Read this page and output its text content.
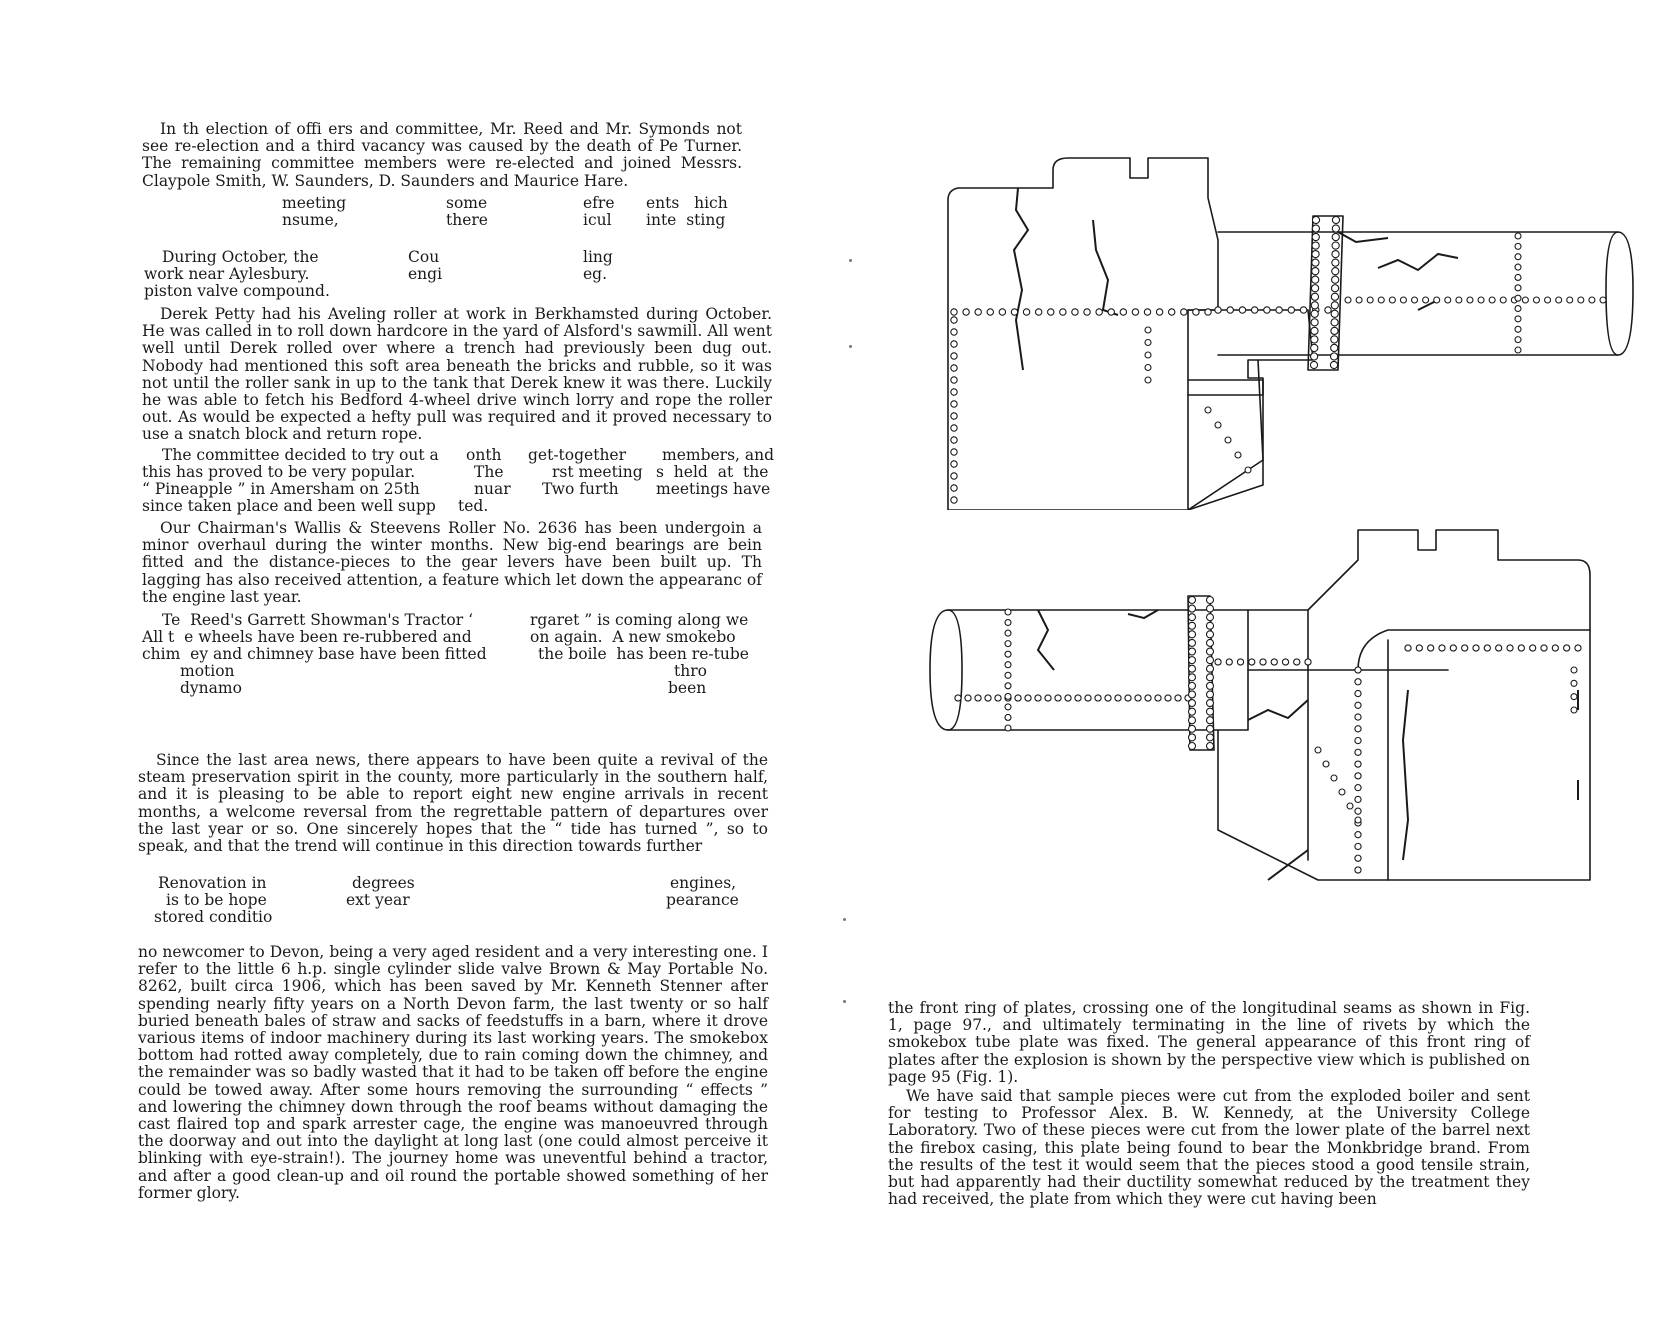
In th election of offi ers and committee, Mr. Reed and Mr. Symonds not see re-election and a third vacancy was caused by the death of Pe Turner. The remaining committee members were re-elected and joined Messrs. Claypole Smith, W. Saunders, D. Saunders and Maurice Hare.

meeting
nsume,
some
there
efre
icul
ents   hich
inte  sting
During October, the
work near Aylesbury.
piston valve compound.
Cou
engi
ling
eg.

Derek Petty had his Aveling roller at work in Berkhamsted during October. He was called in to roll down hardcore in the yard of Alsford's sawmill. All went well until Derek rolled over where a trench had previously been dug out. Nobody had mentioned this soft area beneath the bricks and rubble, so it was not until the roller sank in up to the tank that Derek knew it was there. Luckily he was able to fetch his Bedford 4-wheel drive winch lorry and rope the roller out. As would be expected a hefty pull was required and it proved necessary to use a snatch block and return rope.

The committee decided to try out a
this has proved to be very popular.
“ Pineapple ” in Amersham on 25th
since taken place and been well supp
onth
The
nuar
ted.
get-together
rst meeting
Two furth
members, and
s  held  at  the
meetings have

Our Chairman's Wallis & Steevens Roller No. 2636 has been undergoin a minor overhaul during the winter months. New big-end bearings are bein fitted and the distance-pieces to the gear levers have been built up. Th lagging has also received attention, a feature which let down the appearanc of the engine last year.

Te  Reed's Garrett Showman's Tractor ‘
All t  e wheels have been re-rubbered and
chim  ey and chimney base have been fitted
motion
dynamo
rgaret ” is coming along we
on again.  A new smokebo
the boile  has been re-tube
thro
been

Since the last area news, there appears to have been quite a revival of the steam preservation spirit in the county, more particularly in the southern half, and it is pleasing to be able to report eight new engine arrivals in recent months, a welcome reversal from the regrettable pattern of departures over the last year or so. One sincerely hopes that the “ tide has turned ”, so to speak, and that the trend will continue in this direction towards further

Renovation in
is to be hope
stored conditio
degrees
ext year
engines,
pearance

no newcomer to Devon, being a very aged resident and a very interesting one. I refer to the little 6 h.p. single cylinder slide valve Brown & May Portable No. 8262, built circa 1906, which has been saved by Mr. Kenneth Stenner after spending nearly fifty years on a North Devon farm, the last twenty or so half buried beneath bales of straw and sacks of feedstuffs in a barn, where it drove various items of indoor machinery during its last working years. The smokebox bottom had rotted away completely, due to rain coming down the chimney, and the remainder was so badly wasted that it had to be taken off before the engine could be towed away. After some hours removing the surrounding “ effects ” and lowering the chimney down through the roof beams without damaging the cast flaired top and spark arrester cage, the engine was manoeuvred through the doorway and out into the daylight at long last (one could almost perceive it blinking with eye-strain!). The journey home was uneventful behind a tractor, and after a good clean-up and oil round the portable showed something of her former glory.

the front ring of plates, crossing one of the longitudinal seams as shown in Fig. 1, page 97., and ultimately terminating in the line of rivets by which the smokebox tube plate was fixed. The general appearance of this front ring of plates after the explosion is shown by the perspective view which is published on page 95 (Fig. 1).

We have said that sample pieces were cut from the exploded boiler and sent for testing to Professor Alex. B. W. Kennedy, at the University College Laboratory. Two of these pieces were cut from the lower plate of the barrel next the firebox casing, this plate being found to bear the Monkbridge brand. From the results of the test it would seem that the pieces stood a good tensile strain, but had apparently had their ductility somewhat reduced by the treatment they had received, the plate from which they were cut having been
